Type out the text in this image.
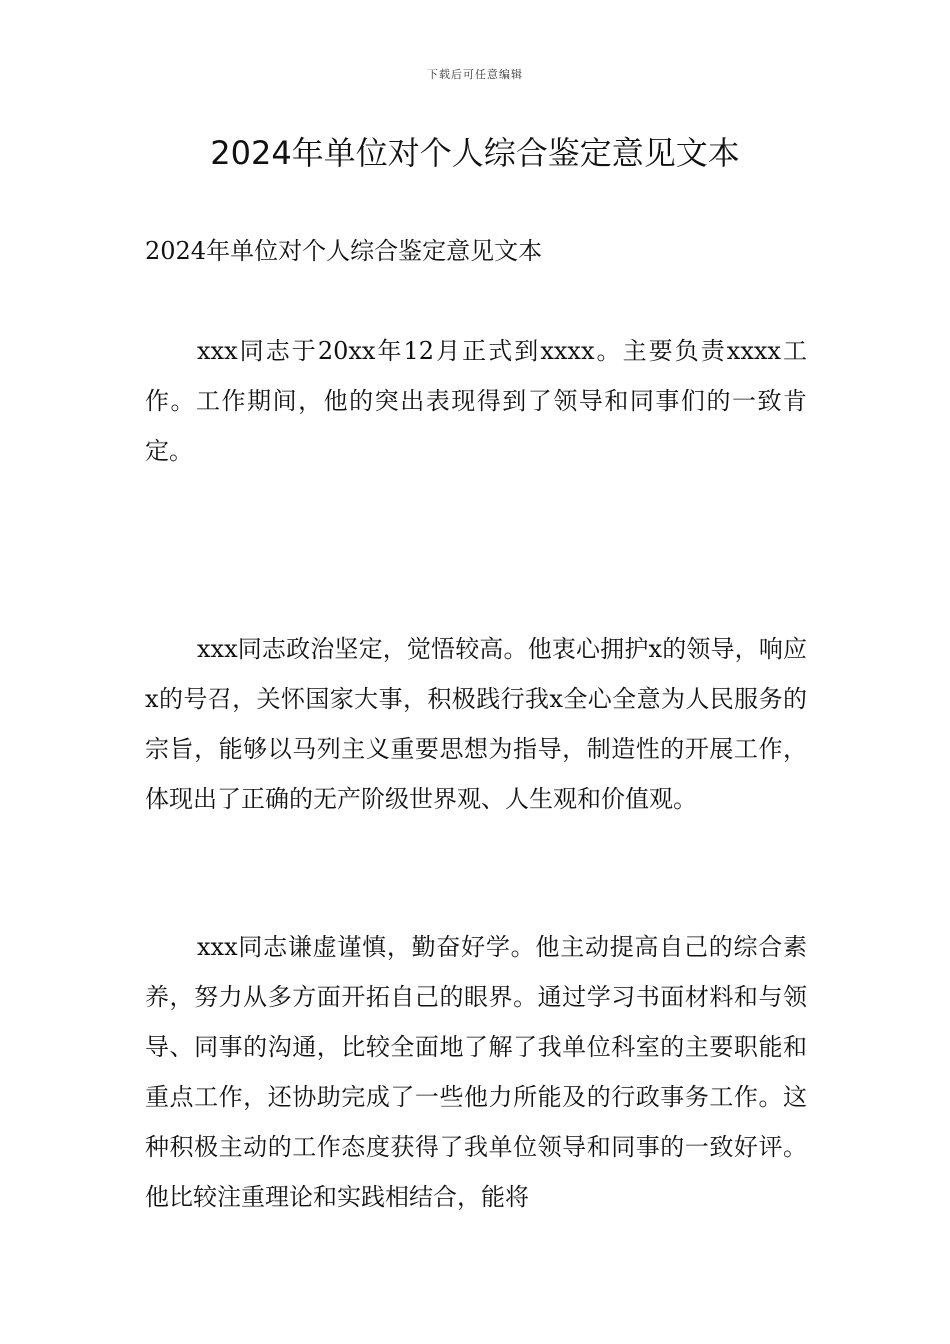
下载后可任意编辑
2024年单位对个人综合鉴定意见文本

2024年单位对个人综合鉴定意见文本

xxx同志于20xx年12月正式到xxxx。主要负责xxxx工作。工作期间，他的突出表现得到了领导和同事们的一致肯定。

xxx同志政治坚定，觉悟较高。他衷心拥护x的领导，响应x的号召，关怀国家大事，积极践行我x全心全意为人民服务的宗旨，能够以马列主义重要思想为指导，制造性的开展工作，体现出了正确的无产阶级世界观、人生观和价值观。

xxx同志谦虚谨慎，勤奋好学。他主动提高自己的综合素养，努力从多方面开拓自己的眼界。通过学习书面材料和与领导、同事的沟通，比较全面地了解了我单位科室的主要职能和重点工作，还协助完成了一些他力所能及的行政事务工作。这种积极主动的工作态度获得了我单位领导和同事的一致好评。他比较注重理论和实践相结合，能将
